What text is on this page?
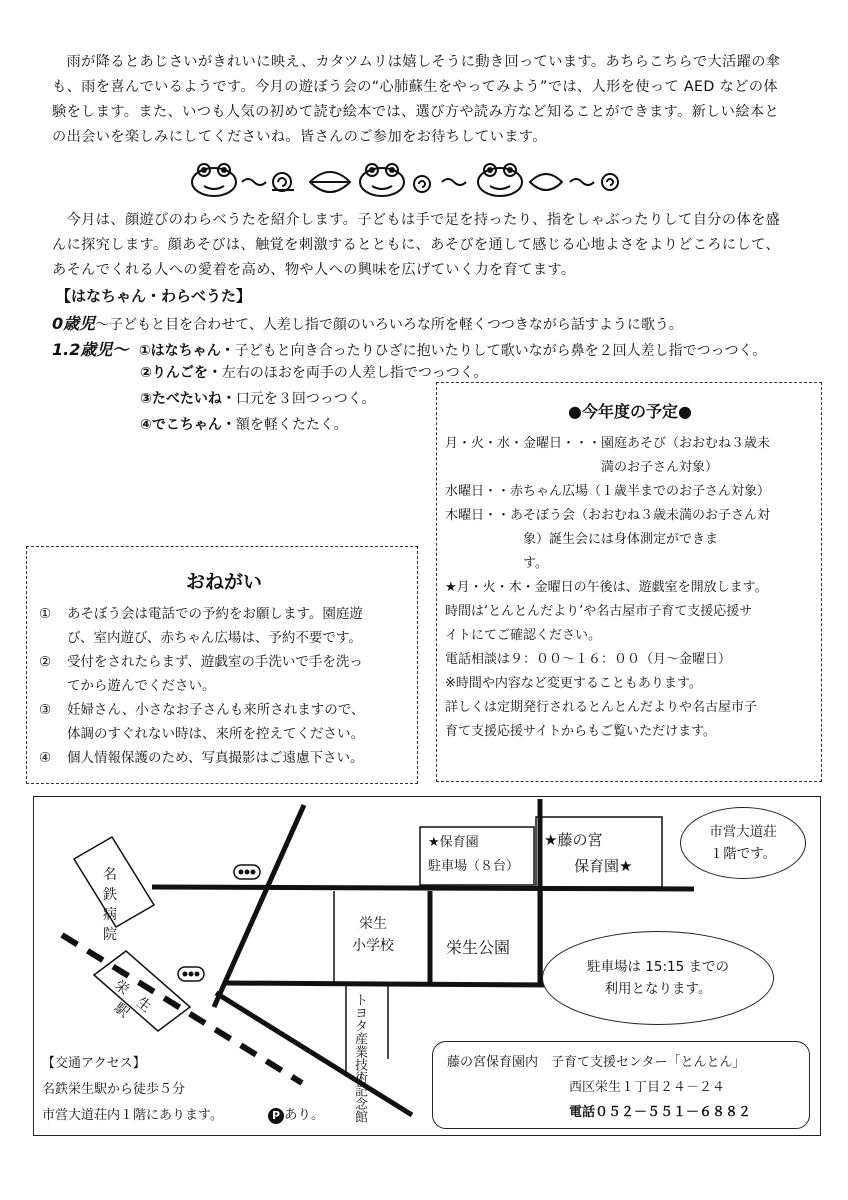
　雨が降るとあじさいがきれいに映え、カタツムリは嬉しそうに動き回っています。あちらこちらで大活躍の傘
も、雨を喜んでいるようです。今月の遊ぼう会の“心肺蘇生をやってみよう”では、人形を使って AED などの体
験をします。また、いつも人気の初めて読む絵本では、選び方や読み方など知ることができます。新しい絵本と
の出会いを楽しみにしてくださいね。皆さんのご参加をお待ちしています。
　今月は、顔遊びのわらべうたを紹介します。子どもは手で足を持ったり、指をしゃぶったりして自分の体を盛
んに探究します。顔あそびは、触覚を刺激するとともに、あそびを通して感じる心地よさをよりどころにして、
あそんでくれる人への愛着を高め、物や人への興味を広げていく力を育てます。
【はなちゃん・わらべうた】
0歳児～子どもと目を合わせて、人差し指で顔のいろいろな所を軽くつつきながら話すように歌う。
1.2歳児～ ①はなちゃん・子どもと向き合ったりひざに抱いたりして歌いながら鼻を２回人差し指でつっつく。
②りんごを・左右のほおを両手の人差し指でつっつく。
③たべたいね・口元を３回つっつく。
④でこちゃん・額を軽くたたく。
●今年度の予定●
月・火・水・金曜日・・・園庭あそび（おおむね３歳未
　　　　　　　　　　　　満のお子さん対象）
水曜日・・赤ちゃん広場（１歳半までのお子さん対象）
木曜日・・あそぼう会（おおむね３歳未満のお子さん対
　　　　　　象）誕生会には身体測定ができま
　　　　　　す。
★月・火・木・金曜日の午後は、遊戯室を開放します。
時間は‘とんとんだより’や名古屋市子育て支援応援サ
イトにてご確認ください。
電話相談は９：００～１６：００（月～金曜日）
※時間や内容など変更することもあります。
詳しくは定期発行されるとんとんだよりや名古屋市子
育て支援応援サイトからもご覧いただけます。
おねがい
①	あそぼう会は電話での予約をお願します。園庭遊
び、室内遊び、赤ちゃん広場は、予約不要です。
②	受付をされたらまず、遊戯室の手洗いで手を洗っ
てから遊んでください。
③	妊婦さん、小さなお子さんも来所されますので、
体調のすぐれない時は、来所を控えてください。
④	個人情報保護のため、写真撮影はご遠慮下さい。
名鉄病院
栄生駅
栄生
小学校	栄生公園
トヨタ産業技術記念館
★保育園
駐車場（８台）
★藤の宮
保育園★
市営大道荘
１階です。
駐車場は 15:15 までの
利用となります。
【交通アクセス】
名鉄栄生駅から徒歩５分
市営大道荘内１階にあります。	P あり。
藤の宮保育園内　子育て支援センター「とんとん」
西区栄生１丁目２４－２４
電話０５２－５５１－６８８２
